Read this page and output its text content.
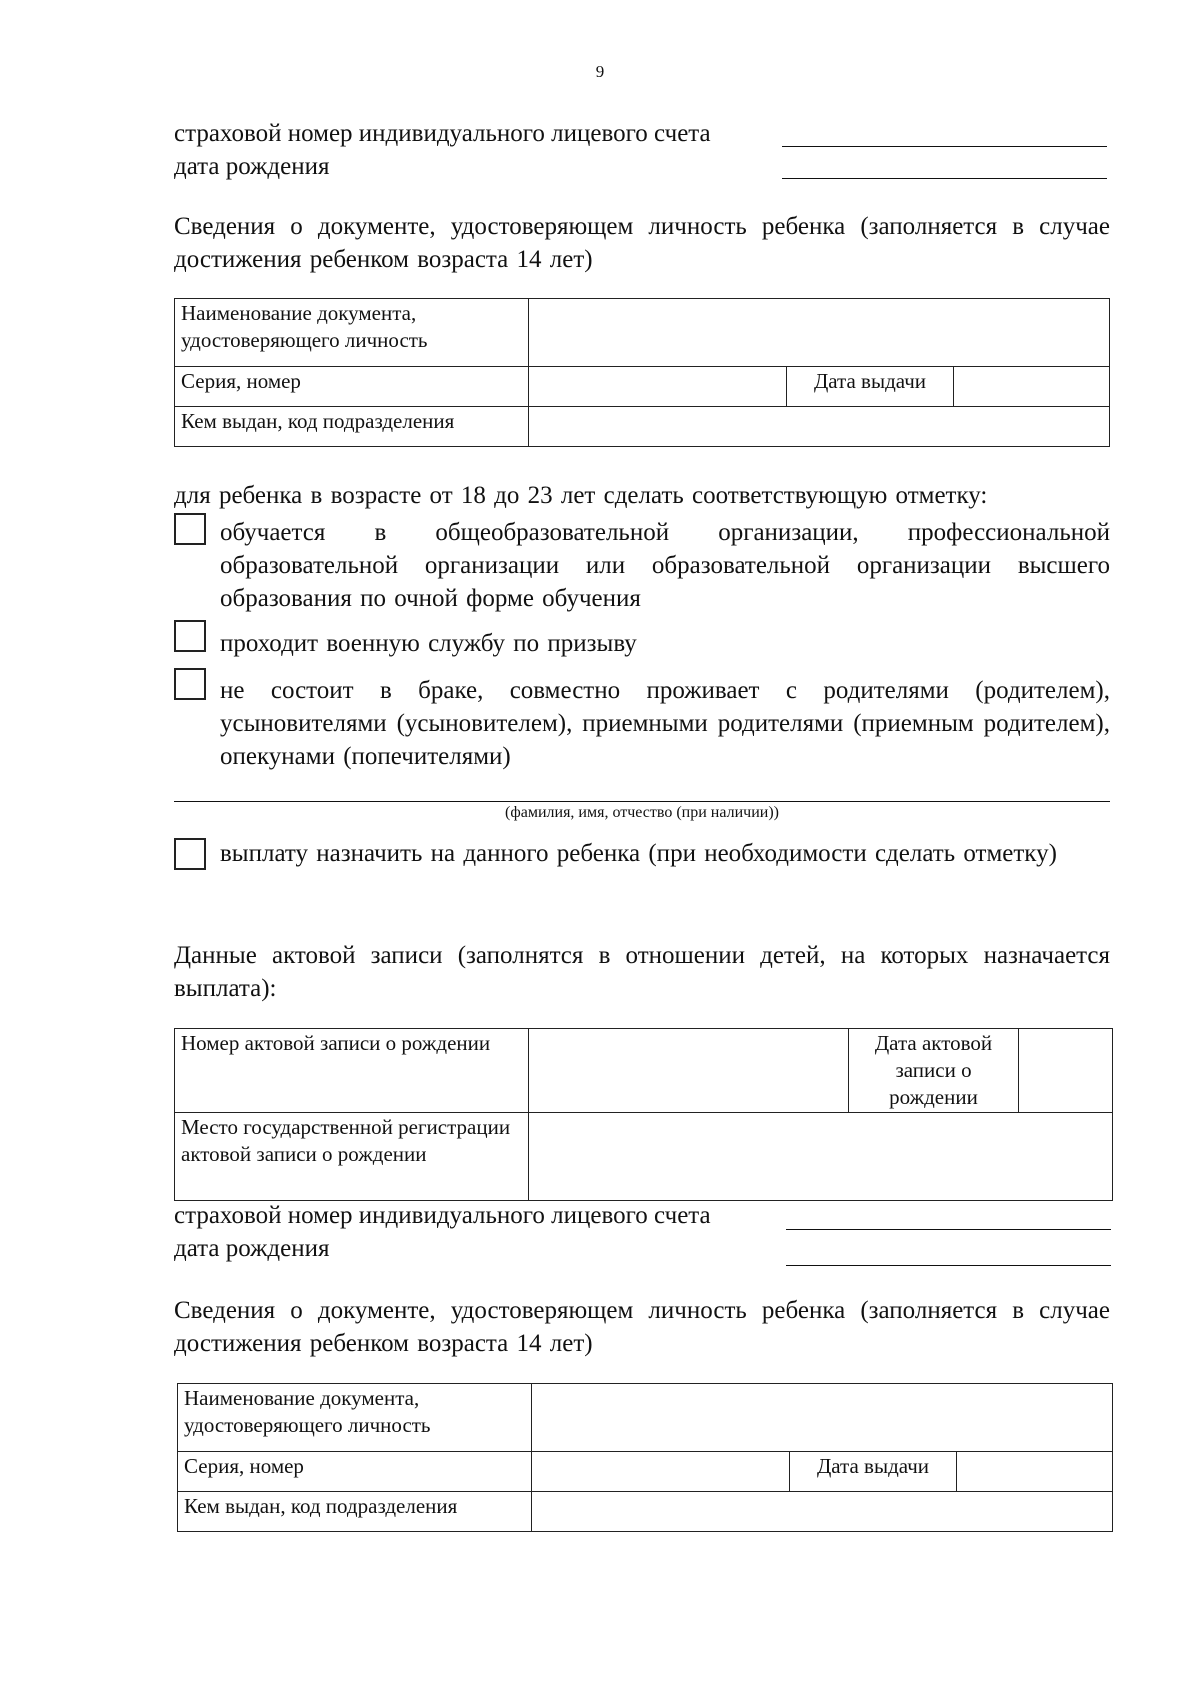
9
страховой номер индивидуального лицевого счета
дата рождения
Сведения о документе, удостоверяющем личность ребенка (заполняется в случае достижения ребенком возраста 14 лет)
Наименование документа, удостоверяющего личность			
Серия, номер		Дата выдачи	
Кем выдан, код подразделения			
для ребенка в возрасте от 18 до 23 лет сделать соответствующую отметку:
обучается в общеобразовательной организации, профессиональной образовательной организации или образовательной организации высшего образования по очной форме обучения
проходит военную службу по призыву
не состоит в браке, совместно проживает с родителями (родителем), усыновителями (усыновителем), приемными родителями (приемным родителем), опекунами (попечителями)
(фамилия, имя, отчество (при наличии))
выплату назначить на данного ребенка (при необходимости сделать отметку)
Данные актовой записи (заполнятся в отношении детей, на которых назначается выплата):
Номер актовой записи о рождении		Дата актовой записи о рождении	
Место государственной регистрации актовой записи о рождении			
страховой номер индивидуального лицевого счета
дата рождения
Сведения о документе, удостоверяющем личность ребенка (заполняется в случае достижения ребенком возраста 14 лет)
Наименование документа, удостоверяющего личность			
Серия, номер		Дата выдачи	
Кем выдан, код подразделения			
